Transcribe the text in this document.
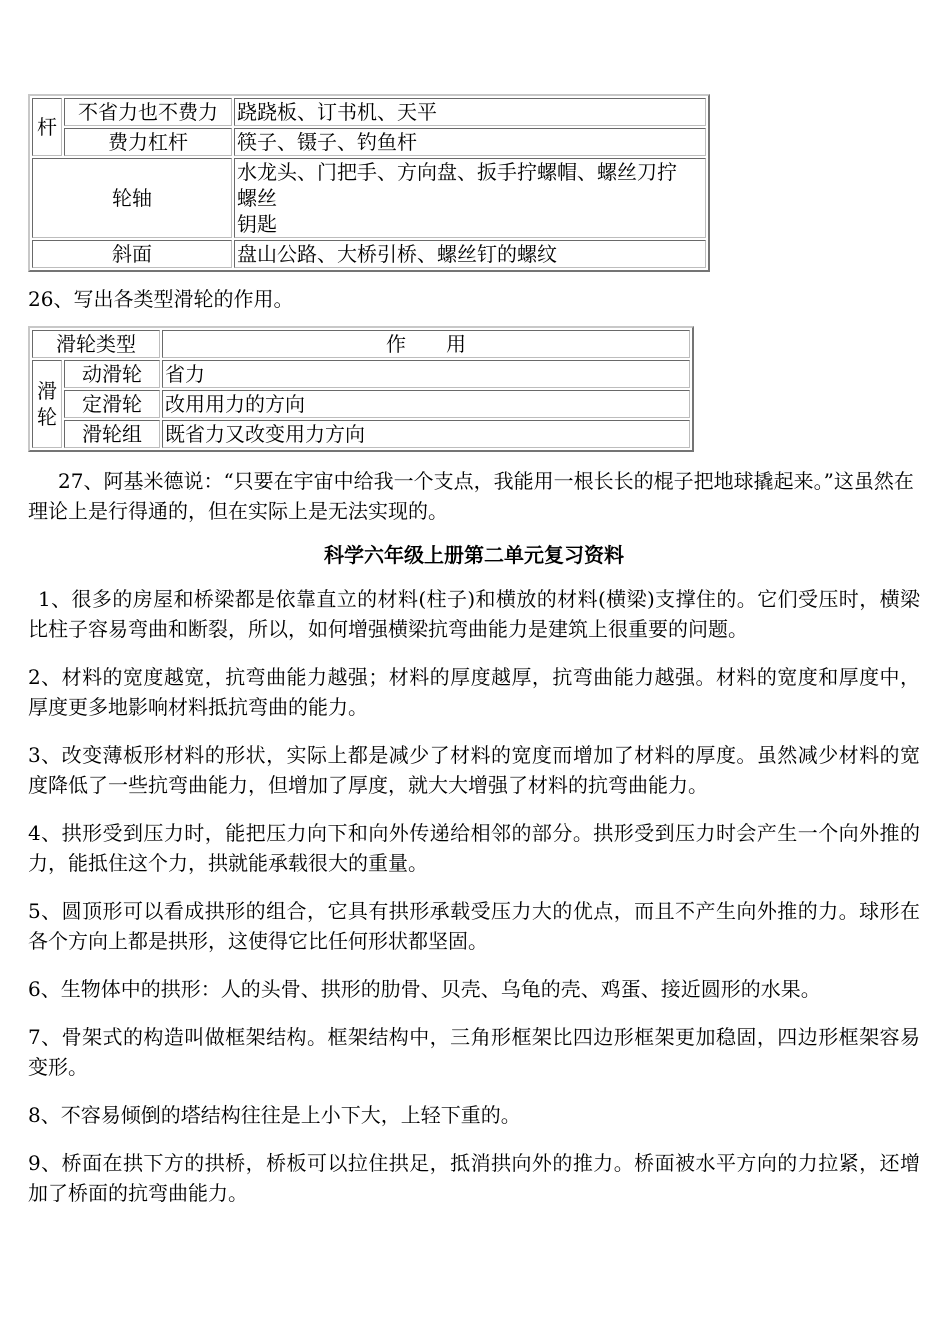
杆	不省力也不费力	跷跷板、订书机、天平
	费力杠杆	筷子、镊子、钓鱼杆
轮轴		水龙头、门把手、方向盘、扳手拧螺帽、螺丝刀拧
螺丝
钥匙

斜面		盘山公路、大桥引桥、螺丝钉的螺纹

26、写出各类型滑轮的作用。

滑轮类型		作　　用

滑
轮	动滑轮	省力
	定滑轮	改用用力的方向
	滑轮组	既省力又改变用力方向

27、阿基米德说：“只要在宇宙中给我一个支点，我能用一根长长的棍子把地球撬起来。”这虽然在理论上是行得通的，但在实际上是无法实现的。

科学六年级上册第二单元复习资料

1、很多的房屋和桥梁都是依靠直立的材料(柱子)和横放的材料(横梁)支撑住的。它们受压时，横梁比柱子容易弯曲和断裂，所以，如何增强横梁抗弯曲能力是建筑上很重要的问题。

2、材料的宽度越宽，抗弯曲能力越强；材料的厚度越厚，抗弯曲能力越强。材料的宽度和厚度中，厚度更多地影响材料抵抗弯曲的能力。

3、改变薄板形材料的形状，实际上都是减少了材料的宽度而增加了材料的厚度。虽然减少材料的宽度降低了一些抗弯曲能力，但增加了厚度，就大大增强了材料的抗弯曲能力。

4、拱形受到压力时，能把压力向下和向外传递给相邻的部分。拱形受到压力时会产生一个向外推的力，能抵住这个力，拱就能承载很大的重量。

5、圆顶形可以看成拱形的组合，它具有拱形承载受压力大的优点，而且不产生向外推的力。球形在各个方向上都是拱形，这使得它比任何形状都坚固。

6、生物体中的拱形：人的头骨、拱形的肋骨、贝壳、乌龟的壳、鸡蛋、接近圆形的水果。

7、骨架式的构造叫做框架结构。框架结构中，三角形框架比四边形框架更加稳固，四边形框架容易变形。

8、不容易倾倒的塔结构往往是上小下大，上轻下重的。

9、桥面在拱下方的拱桥，桥板可以拉住拱足，抵消拱向外的推力。桥面被水平方向的力拉紧，还增加了桥面的抗弯曲能力。
